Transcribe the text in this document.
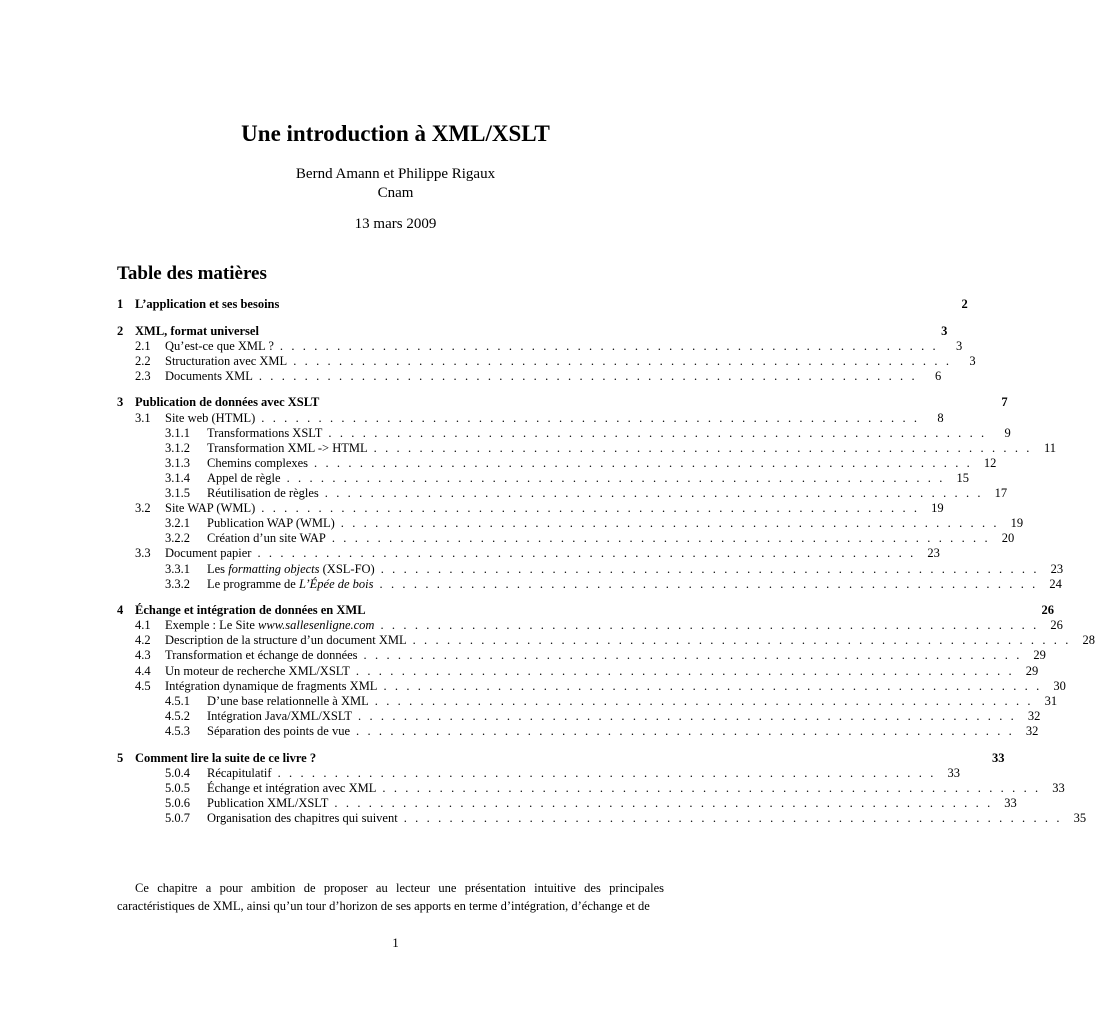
Une introduction à XML/XSLT
Bernd Amann et Philippe Rigaux
Cnam
13 mars 2009
Table des matières
1 L’application et ses besoins	2
2 XML, format universel	3
2.1	Qu’est-ce que XML ? . . . . . . . . . . . . . . . . . . . . . . . . . . . . . . . . . . . . . . . . . . . . . . . . . . . . . . . . . .	3
2.2	Structuration avec XML . . . . . . . . . . . . . . . . . . . . . . . . . . . . . . . . . . . . . . . . . . . . . . . . . . . . . . . . . .	3
2.3	Documents XML . . . . . . . . . . . . . . . . . . . . . . . . . . . . . . . . . . . . . . . . . . . . . . . . . . . . . . . . . .	6
3 Publication de données avec XSLT	7
3.1	Site web (HTML) . . . . . . . . . . . . . . . . . . . . . . . . . . . . . . . . . . . . . . . . . . . . . . . . . . . . . . . . . .	8
3.1.1	Transformations XSLT . . . . . . . . . . . . . . . . . . . . . . . . . . . . . . . . . . . . . . . . . . . . . . . . . . . . . . . . . .	9
3.1.2	Transformation XML -> HTML . . . . . . . . . . . . . . . . . . . . . . . . . . . . . . . . . . . . . . . . . . . . . . . . . . . . . . . . . . 11
3.1.3	Chemins complexes . . . . . . . . . . . . . . . . . . . . . . . . . . . . . . . . . . . . . . . . . . . . . . . . . . . . . . . . . . 12
3.1.4	Appel de règle . . . . . . . . . . . . . . . . . . . . . . . . . . . . . . . . . . . . . . . . . . . . . . . . . . . . . . . . . . 15
3.1.5	Réutilisation de règles . . . . . . . . . . . . . . . . . . . . . . . . . . . . . . . . . . . . . . . . . . . . . . . . . . . . . . . . . . 17
3.2	Site WAP (WML) . . . . . . . . . . . . . . . . . . . . . . . . . . . . . . . . . . . . . . . . . . . . . . . . . . . . . . . . . . 19
3.2.1	Publication WAP (WML) . . . . . . . . . . . . . . . . . . . . . . . . . . . . . . . . . . . . . . . . . . . . . . . . . . . . . . . . . . 19
3.2.2	Création d’un site WAP . . . . . . . . . . . . . . . . . . . . . . . . . . . . . . . . . . . . . . . . . . . . . . . . . . . . . . . . . . 20
3.3	Document papier . . . . . . . . . . . . . . . . . . . . . . . . . . . . . . . . . . . . . . . . . . . . . . . . . . . . . . . . . . 23
3.3.1	Les formatting objects (XSL-FO) . . . . . . . . . . . . . . . . . . . . . . . . . . . . . . . . . . . . . . . . . . . . . . . . . . . . . . . . . . 23
3.3.2	Le programme de L’Épée de bois . . . . . . . . . . . . . . . . . . . . . . . . . . . . . . . . . . . . . . . . . . . . . . . . . . . . . . . . . . 24
4 Échange et intégration de données en XML	26
4.1	Exemple : Le Site www.sallesenligne.com . . . . . . . . . . . . . . . . . . . . . . . . . . . . . . . . . . . . . . . . . . . . . . . . . . . . . . . . . . 26
4.2	Description de la structure d’un document XML . . . . . . . . . . . . . . . . . . . . . . . . . . . . . . . . . . . . . . . . . . . . . . . . . . . . . . . . . . 28
4.3	Transformation et échange de données . . . . . . . . . . . . . . . . . . . . . . . . . . . . . . . . . . . . . . . . . . . . . . . . . . . . . . . . . . 29
4.4	Un moteur de recherche XML/XSLT . . . . . . . . . . . . . . . . . . . . . . . . . . . . . . . . . . . . . . . . . . . . . . . . . . . . . . . . . . 29
4.5	Intégration dynamique de fragments XML . . . . . . . . . . . . . . . . . . . . . . . . . . . . . . . . . . . . . . . . . . . . . . . . . . . . . . . . . . 30
4.5.1	D’une base relationnelle à XML . . . . . . . . . . . . . . . . . . . . . . . . . . . . . . . . . . . . . . . . . . . . . . . . . . . . . . . . . . 31
4.5.2	Intégration Java/XML/XSLT . . . . . . . . . . . . . . . . . . . . . . . . . . . . . . . . . . . . . . . . . . . . . . . . . . . . . . . . . . 32
4.5.3	Séparation des points de vue . . . . . . . . . . . . . . . . . . . . . . . . . . . . . . . . . . . . . . . . . . . . . . . . . . . . . . . . . . 32
5 Comment lire la suite de ce livre ?	33
5.0.4	Récapitulatif . . . . . . . . . . . . . . . . . . . . . . . . . . . . . . . . . . . . . . . . . . . . . . . . . . . . . . . . . . 33
5.0.5	Échange et intégration avec XML . . . . . . . . . . . . . . . . . . . . . . . . . . . . . . . . . . . . . . . . . . . . . . . . . . . . . . . . . . 33
5.0.6	Publication XML/XSLT . . . . . . . . . . . . . . . . . . . . . . . . . . . . . . . . . . . . . . . . . . . . . . . . . . . . . . . . . . 33
5.0.7	Organisation des chapitres qui suivent . . . . . . . . . . . . . . . . . . . . . . . . . . . . . . . . . . . . . . . . . . . . . . . . . . . . . . . . . . 35
Ce chapitre a pour ambition de proposer au lecteur une présentation intuitive des principales caractéristiques de XML, ainsi qu’un tour d’horizon de ses apports en terme d’intégration, d’échange et de
1
